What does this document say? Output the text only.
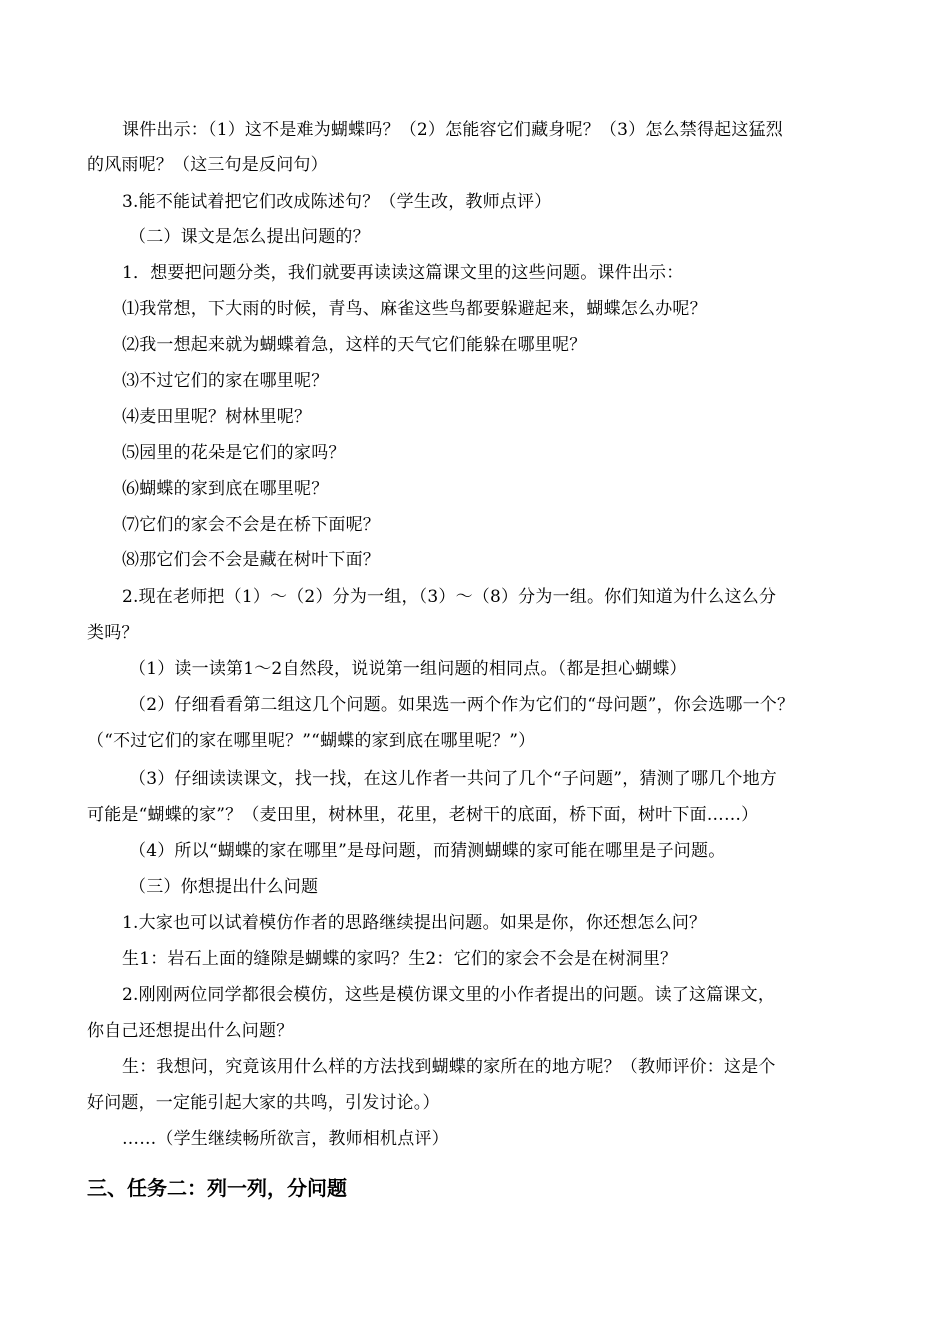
课件出示：（1）这不是难为蝴蝶吗？（2）怎能容它们藏身呢？（3）怎么禁得起这猛烈
的风雨呢？（这三句是反问句）
3.能不能试着把它们改成陈述句？（学生改，教师点评）
（二）课文是怎么提出问题的？
1．想要把问题分类，我们就要再读读这篇课文里的这些问题。课件出示：
⑴我常想，下大雨的时候，青鸟、麻雀这些鸟都要躲避起来，蝴蝶怎么办呢？
⑵我一想起来就为蝴蝶着急，这样的天气它们能躲在哪里呢？
⑶不过它们的家在哪里呢？
⑷麦田里呢？树林里呢？
⑸园里的花朵是它们的家吗？
⑹蝴蝶的家到底在哪里呢？
⑺它们的家会不会是在桥下面呢？
⑻那它们会不会是藏在树叶下面？
2.现在老师把（1）～（2）分为一组，（3）～（8）分为一组。你们知道为什么这么分
类吗？
（1）读一读第1～2自然段，说说第一组问题的相同点。（都是担心蝴蝶）
（2）仔细看看第二组这几个问题。如果选一两个作为它们的“母问题”，你会选哪一个？
（“不过它们的家在哪里呢？”“蝴蝶的家到底在哪里呢？”）
（3）仔细读读课文，找一找，在这儿作者一共问了几个“子问题”，猜测了哪几个地方
可能是“蝴蝶的家”？（麦田里，树林里，花里，老树干的底面，桥下面，树叶下面……）
（4）所以“蝴蝶的家在哪里”是母问题，而猜测蝴蝶的家可能在哪里是子问题。
（三）你想提出什么问题
1.大家也可以试着模仿作者的思路继续提出问题。如果是你，你还想怎么问？
生1：岩石上面的缝隙是蝴蝶的家吗？生2：它们的家会不会是在树洞里？
2.刚刚两位同学都很会模仿，这些是模仿课文里的小作者提出的问题。读了这篇课文，
你自己还想提出什么问题？
生：我想问，究竟该用什么样的方法找到蝴蝶的家所在的地方呢？（教师评价：这是个
好问题，一定能引起大家的共鸣，引发讨论。）
……（学生继续畅所欲言，教师相机点评）
三、任务二：列一列，分问题
